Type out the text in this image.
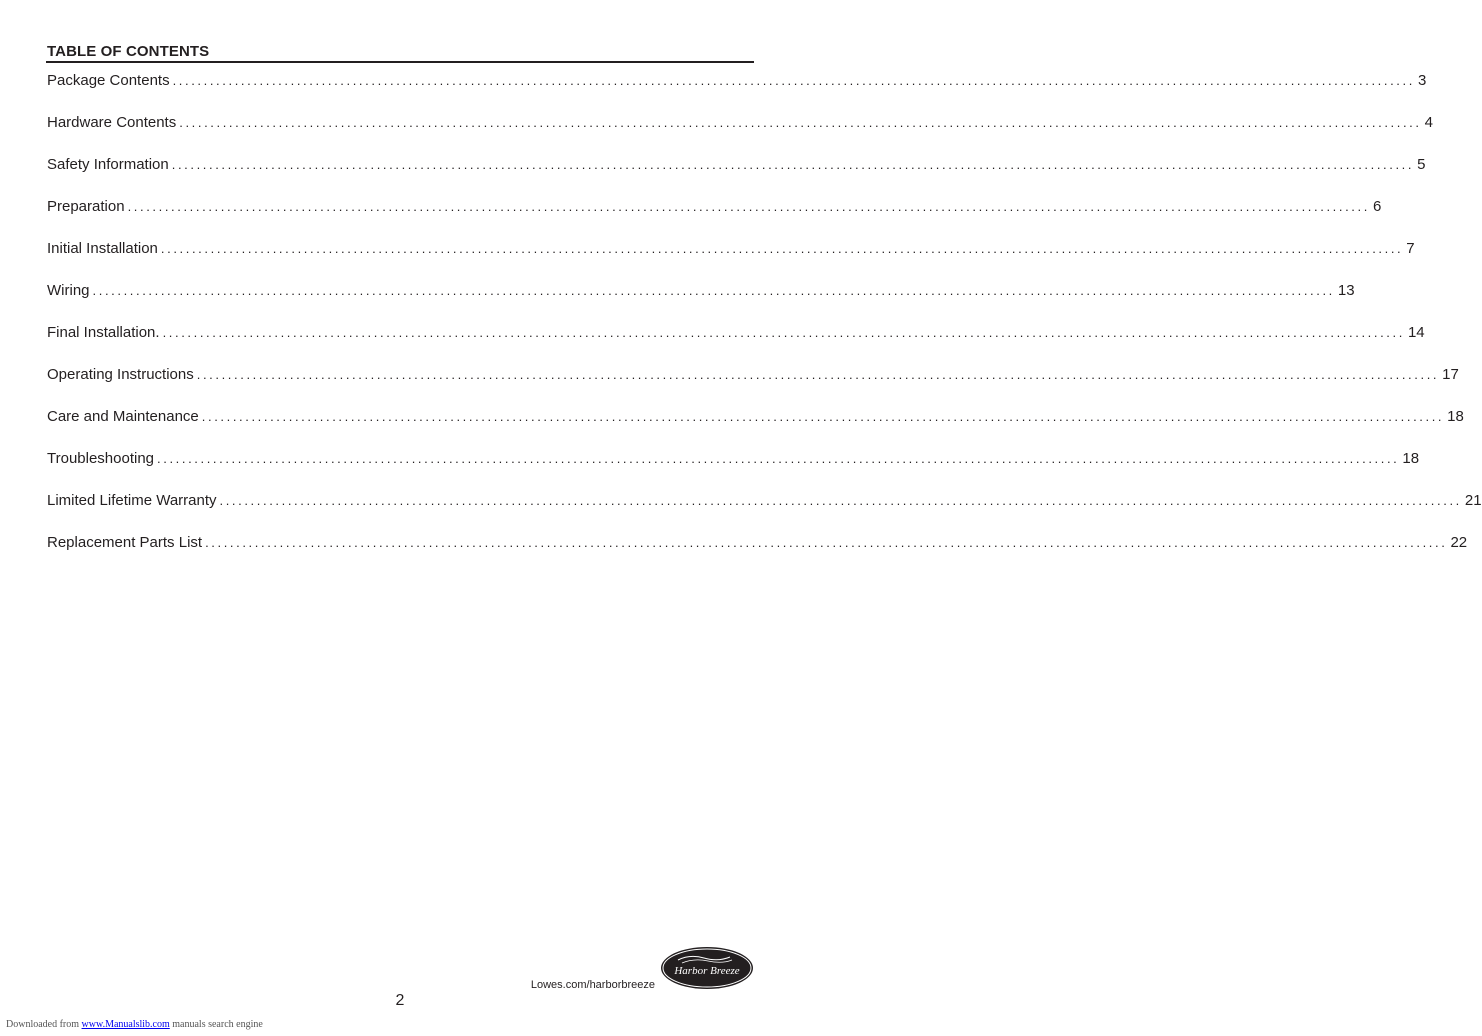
TABLE OF CONTENTS
Package Contents ........................................................................................................................................................................................................ 3
Hardware Contents ........................................................................................................................................................................................................ 4
Safety Information ........................................................................................................................................................................................................ 5
Preparation ........................................................................................................................................................................................................ 6
Initial Installation ........................................................................................................................................................................................................ 7
Wiring ........................................................................................................................................................................................................ 13
Final Installation. ........................................................................................................................................................................................................ 14
Operating Instructions ........................................................................................................................................................................................................ 17
Care and Maintenance ........................................................................................................................................................................................................ 18
Troubleshooting ........................................................................................................................................................................................................ 18
Limited Lifetime Warranty ........................................................................................................................................................................................................ 21
Replacement Parts List ........................................................................................................................................................................................................ 22
Lowes.com/harborbreeze
Harbor Breeze
2
Downloaded from www.Manualslib.com manuals search engine
